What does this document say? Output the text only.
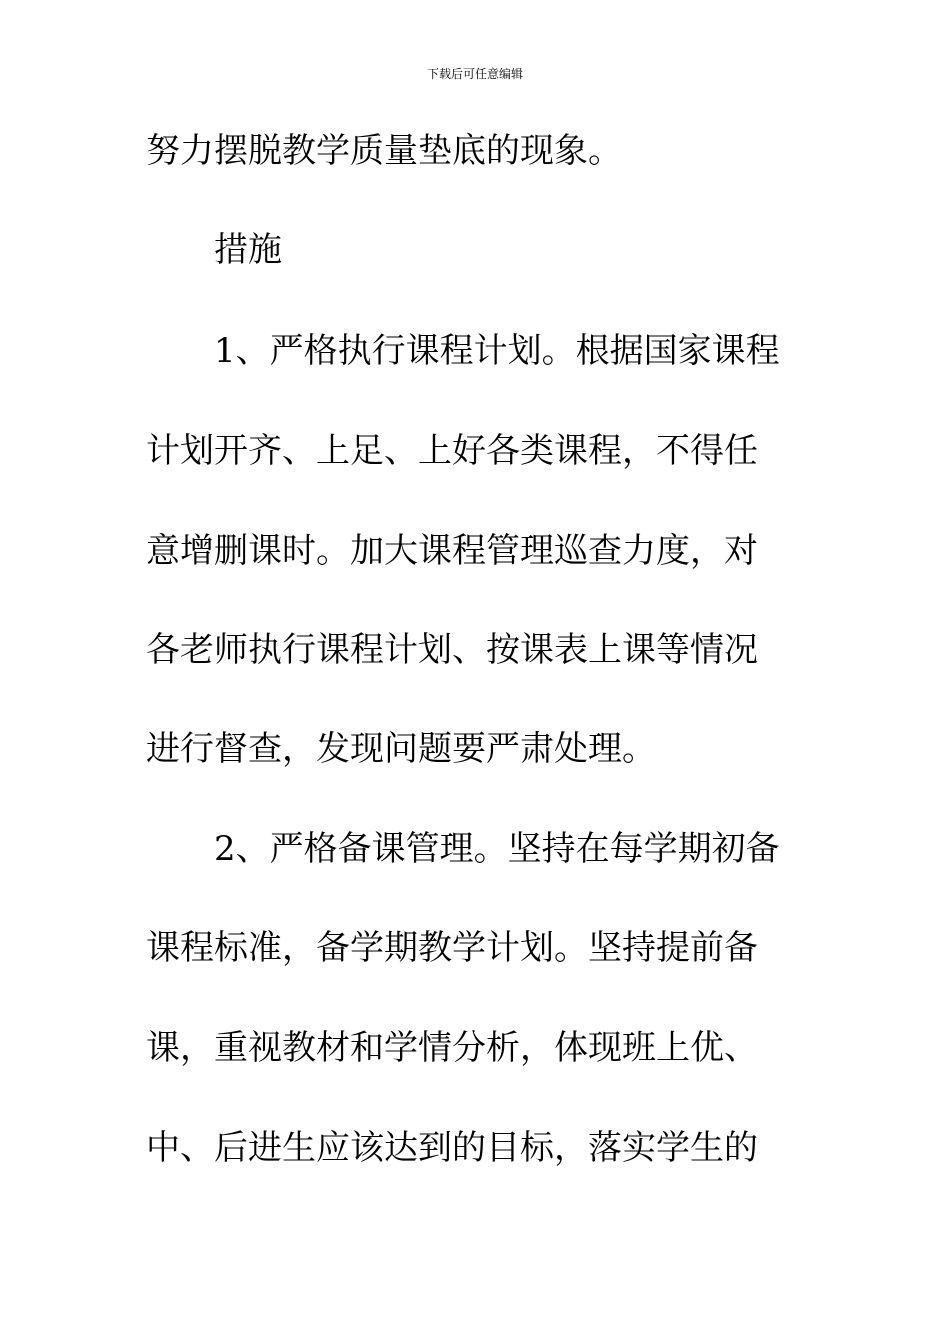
下载后可任意编辑
努力摆脱教学质量垫底的现象。
措施
1、严格执行课程计划。根据国家课程
计划开齐、上足、上好各类课程，不得任
意增删课时。加大课程管理巡查力度，对
各老师执行课程计划、按课表上课等情况
进行督查，发现问题要严肃处理。
2、严格备课管理。坚持在每学期初备
课程标准，备学期教学计划。坚持提前备
课，重视教材和学情分析，体现班上优、
中、后进生应该达到的目标，落实学生的
